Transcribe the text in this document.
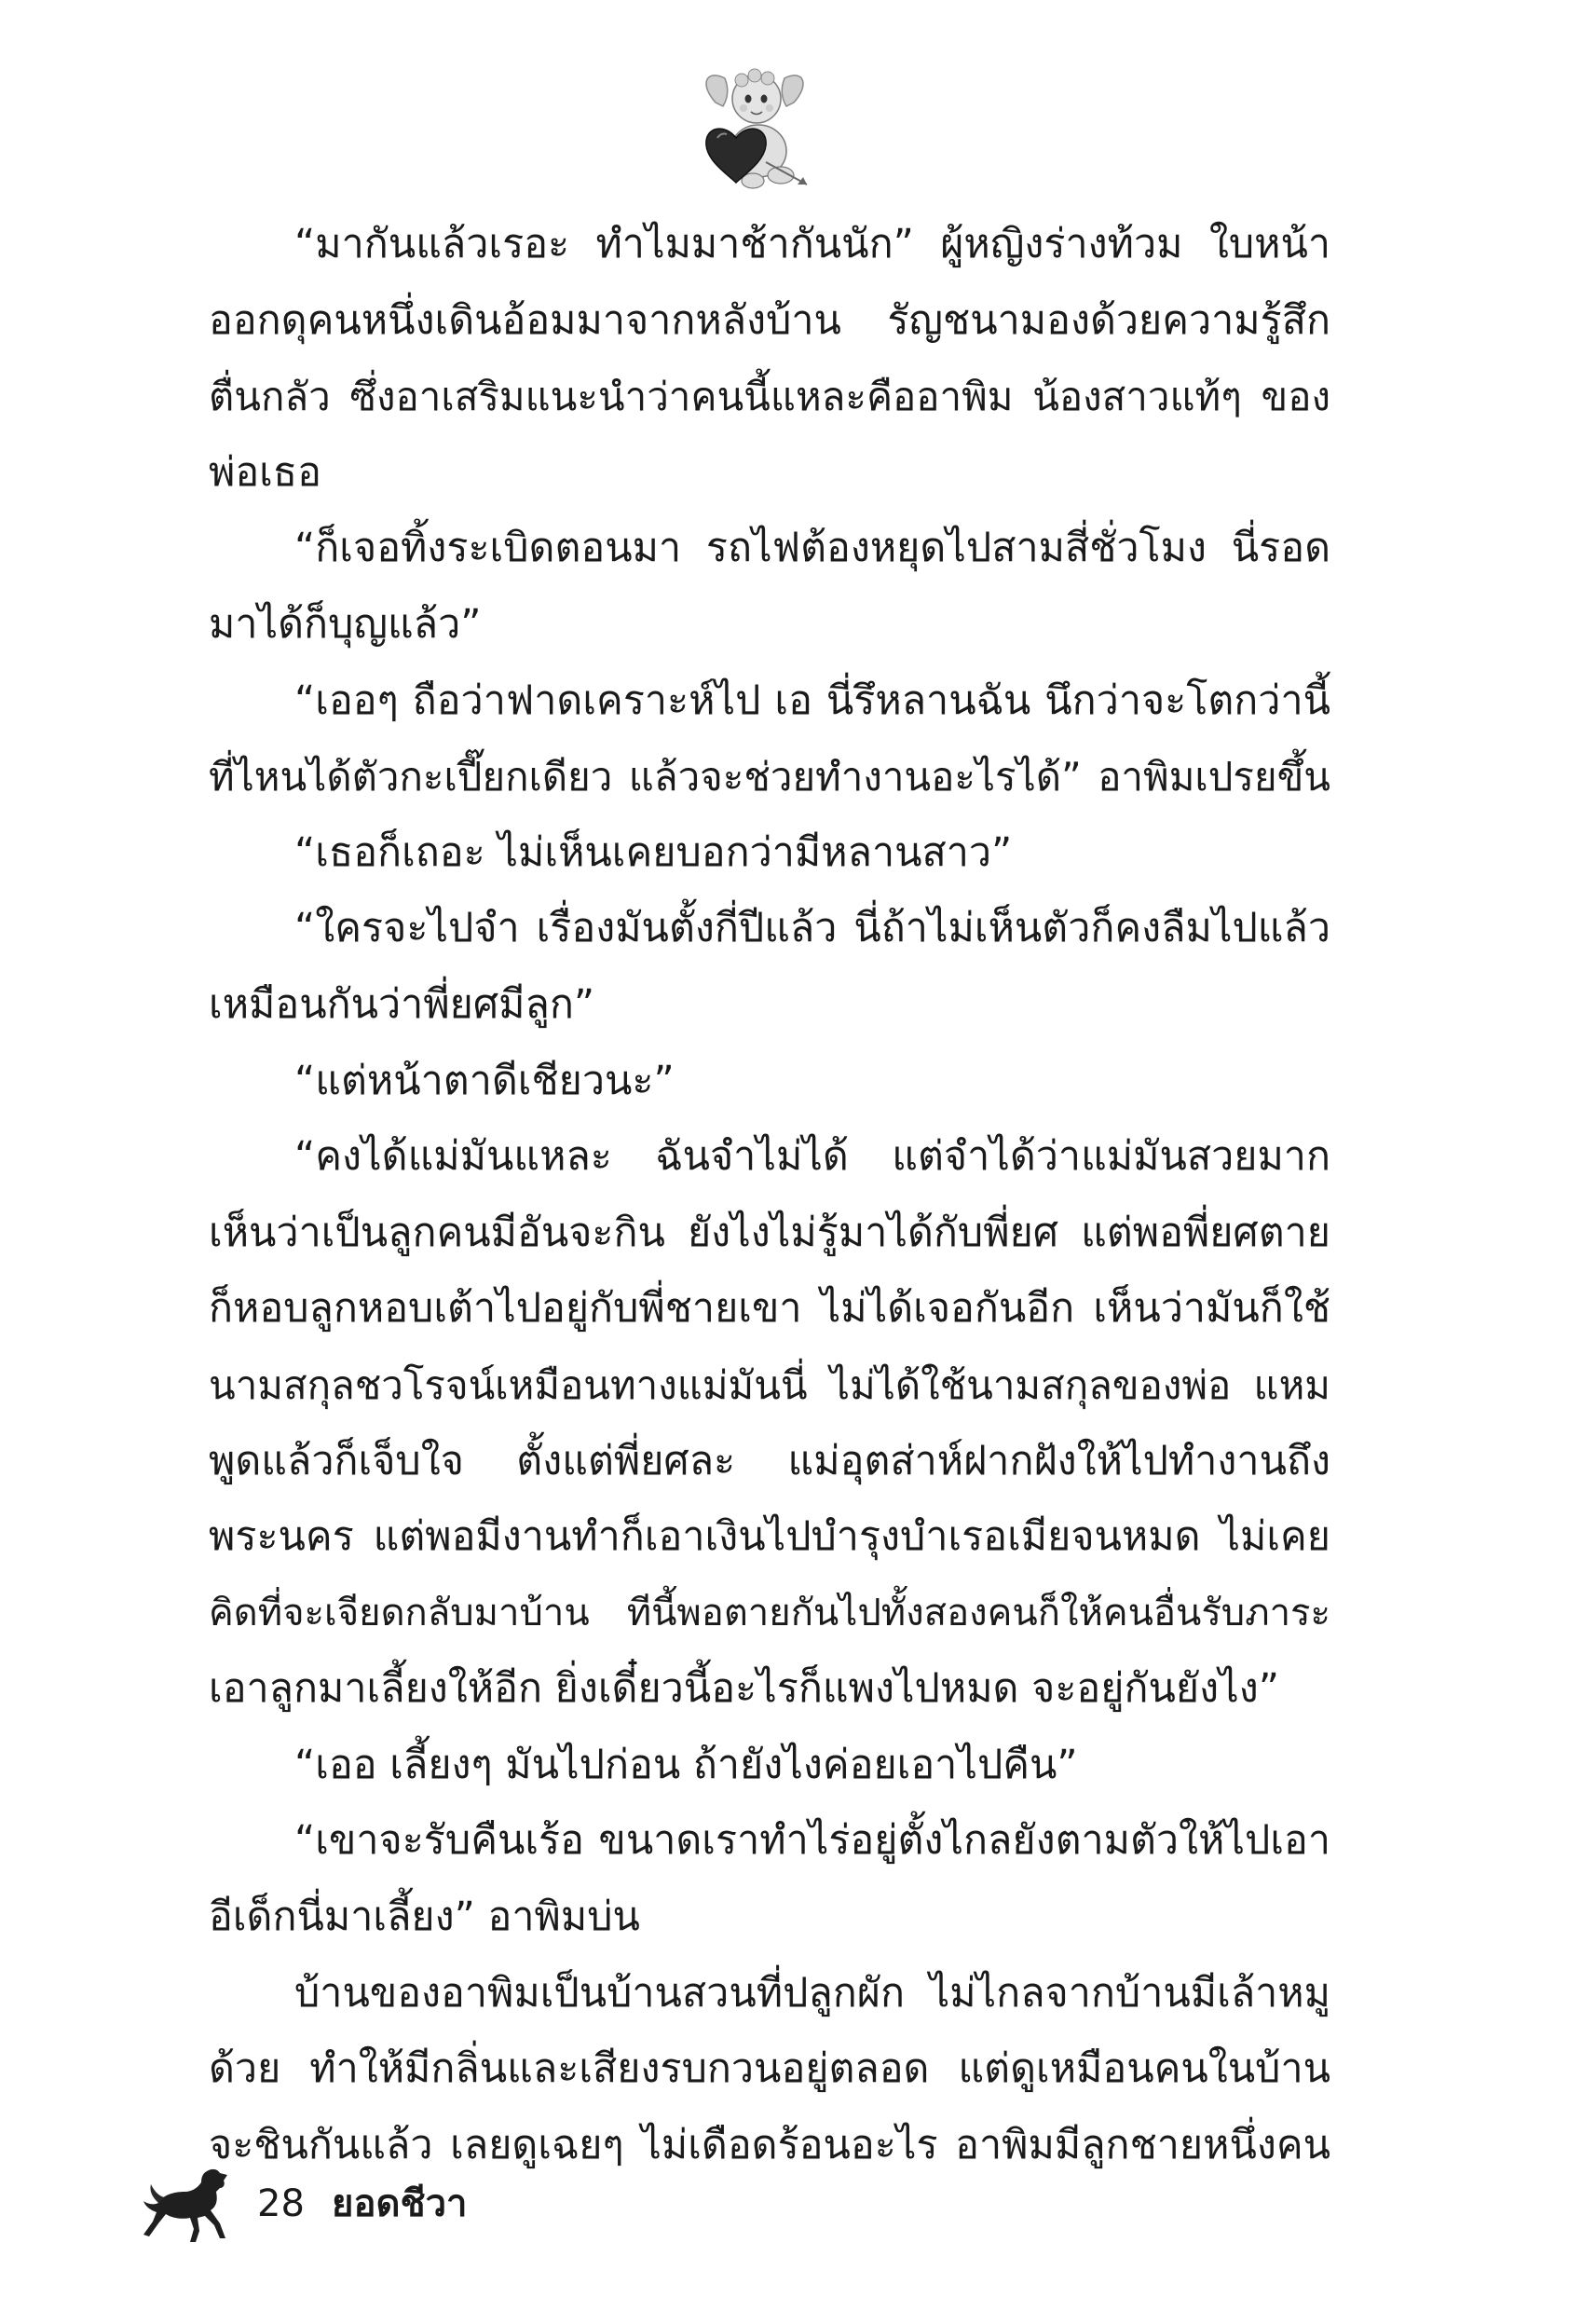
“มากันแล้วเรอะ ทำไมมาช้ากันนัก” ผู้หญิงร่างท้วม ใบหน้า
ออกดุคนหนึ่งเดินอ้อมมาจากหลังบ้าน รัญชนามองด้วยความรู้สึก
ตื่นกลัว ซึ่งอาเสริมแนะนำว่าคนนี้แหละคืออาพิม น้องสาวแท้ๆ ของ
พ่อเธอ
“ก็เจอทิ้งระเบิดตอนมา รถไฟต้องหยุดไปสามสี่ชั่วโมง นี่รอด
มาได้ก็บุญแล้ว”
“เออๆ ถือว่าฟาดเคราะห์ไป เอ นี่รึหลานฉัน นึกว่าจะโตกว่านี้
ที่ไหนได้ตัวกะเปี๊ยกเดียว แล้วจะช่วยทำงานอะไรได้” อาพิมเปรยขึ้น
“เธอก็เถอะ ไม่เห็นเคยบอกว่ามีหลานสาว”
“ใครจะไปจำ เรื่องมันตั้งกี่ปีแล้ว นี่ถ้าไม่เห็นตัวก็คงลืมไปแล้ว
เหมือนกันว่าพี่ยศมีลูก”
“แต่หน้าตาดีเชียวนะ”
“คงได้แม่มันแหละ ฉันจำไม่ได้ แต่จำได้ว่าแม่มันสวยมาก
เห็นว่าเป็นลูกคนมีอันจะกิน ยังไงไม่รู้มาได้กับพี่ยศ แต่พอพี่ยศตาย
ก็หอบลูกหอบเต้าไปอยู่กับพี่ชายเขา ไม่ได้เจอกันอีก เห็นว่ามันก็ใช้
นามสกุลชวโรจน์เหมือนทางแม่มันนี่ ไม่ได้ใช้นามสกุลของพ่อ แหม
พูดแล้วก็เจ็บใจ ตั้งแต่พี่ยศละ แม่อุตส่าห์ฝากฝังให้ไปทำงานถึง
พระนคร แต่พอมีงานทำก็เอาเงินไปบำรุงบำเรอเมียจนหมด ไม่เคย
คิดที่จะเจียดกลับมาบ้าน ทีนี้พอตายกันไปทั้งสองคนก็ให้คนอื่นรับภาระ
เอาลูกมาเลี้ยงให้อีก ยิ่งเดี๋ยวนี้อะไรก็แพงไปหมด จะอยู่กันยังไง”
“เออ เลี้ยงๆ มันไปก่อน ถ้ายังไงค่อยเอาไปคืน”
“เขาจะรับคืนเร้อ ขนาดเราทำไร่อยู่ตั้งไกลยังตามตัวให้ไปเอา
อีเด็กนี่มาเลี้ยง” อาพิมบ่น
บ้านของอาพิมเป็นบ้านสวนที่ปลูกผัก ไม่ไกลจากบ้านมีเล้าหมู
ด้วย ทำให้มีกลิ่นและเสียงรบกวนอยู่ตลอด แต่ดูเหมือนคนในบ้าน
จะชินกันแล้ว เลยดูเฉยๆ ไม่เดือดร้อนอะไร อาพิมมีลูกชายหนึ่งคน
28 ยอดชีวา
